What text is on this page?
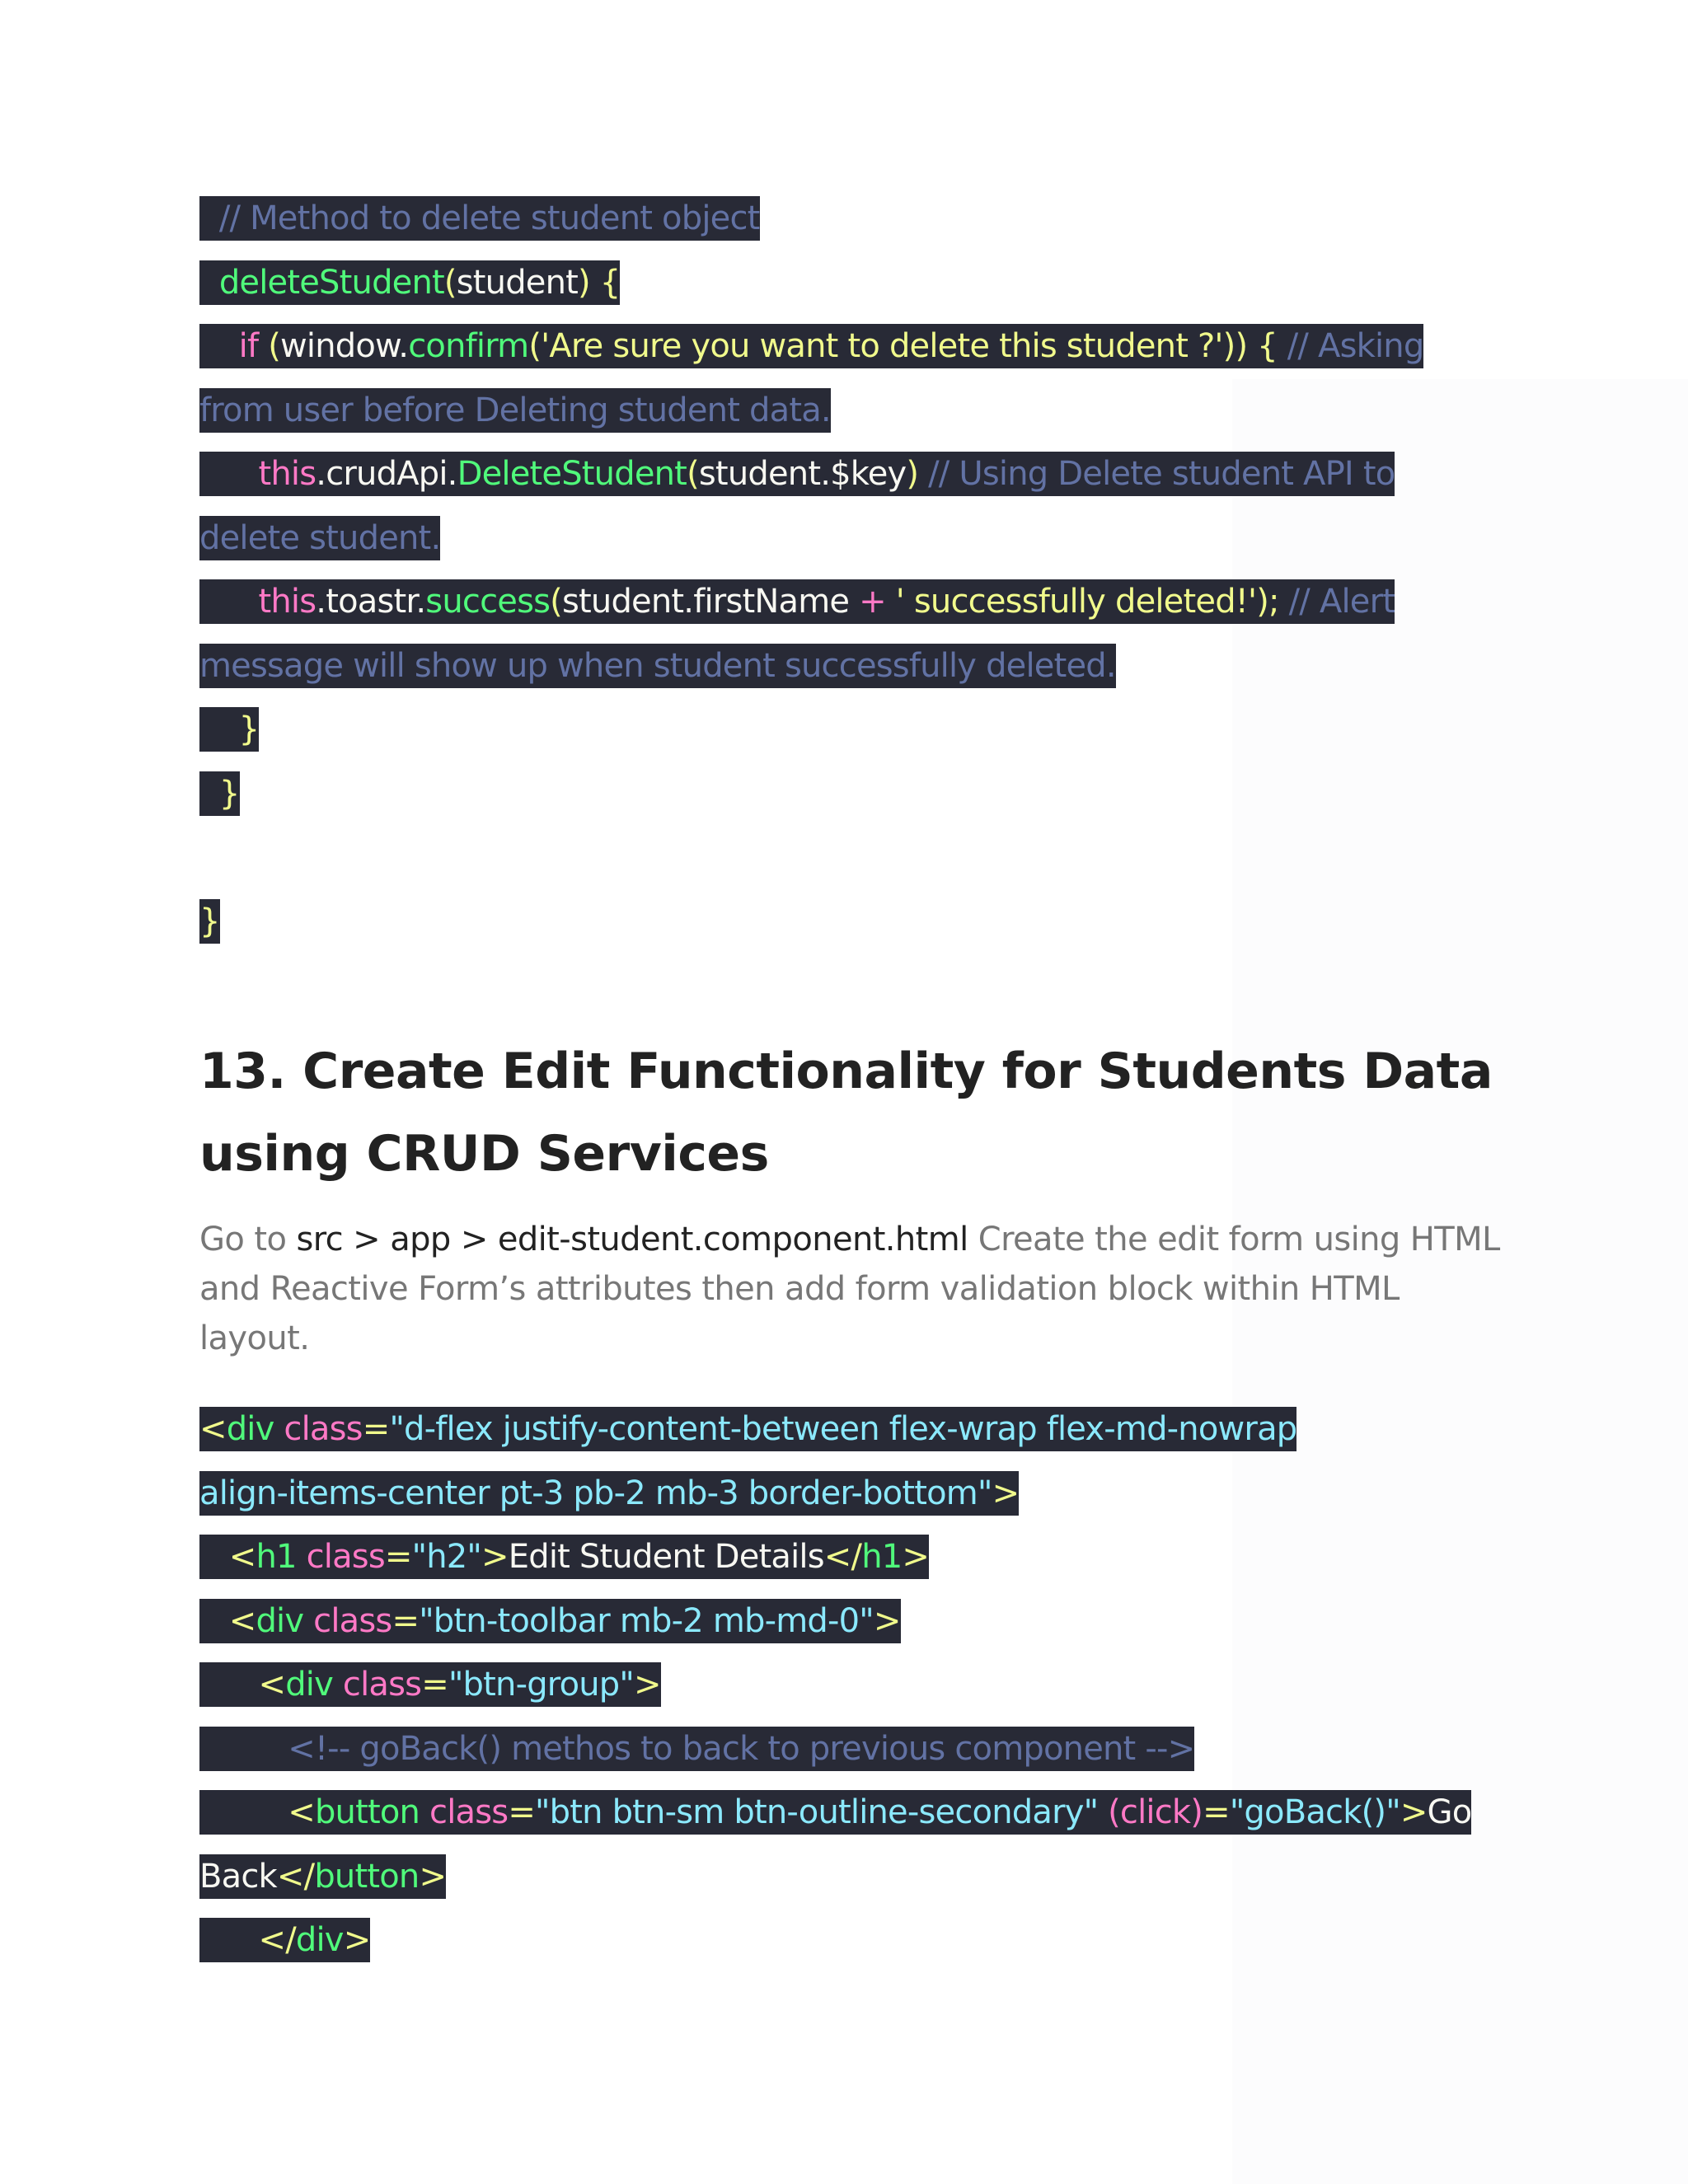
// Method to delete student object
deleteStudent(student) {
if (window.confirm('Are sure you want to delete this student ?')) { // Asking
from user before Deleting student data.
this.crudApi.DeleteStudent(student.$key) // Using Delete student API to
delete student.
this.toastr.success(student.firstName + ' successfully deleted!'); // Alert
message will show up when student successfully deleted.
}
}
}
13. Create Edit Functionality for Students Data using CRUD Services
Go to src > app > edit-student.component.html Create the edit form using HTML and Reactive Form’s attributes then add form validation block within HTML layout.
<div class="d-flex justify-content-between flex-wrap flex-md-nowrap
align-items-center pt-3 pb-2 mb-3 border-bottom">
<h1 class="h2">Edit Student Details</h1>
<div class="btn-toolbar mb-2 mb-md-0">
<div class="btn-group">
<!-- goBack() methos to back to previous component -->
<button class="btn btn-sm btn-outline-secondary" (click)="goBack()">Go
Back</button>
</div>
